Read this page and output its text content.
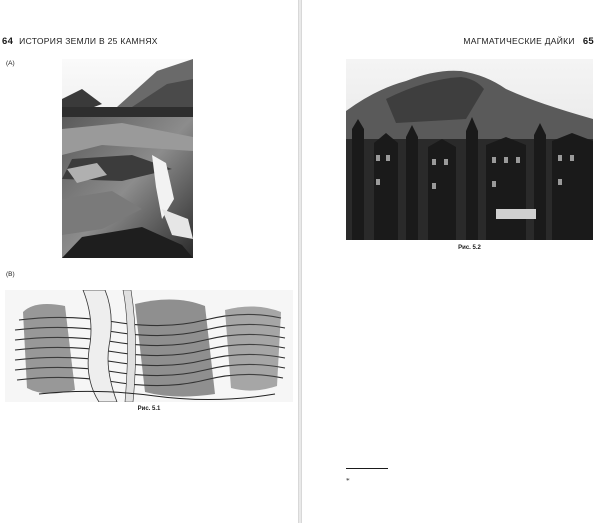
64 ИСТОРИЯ ЗЕМЛИ В 25 КАМНЯХ
(A)
(B)
Рис. 5.1
МАГМАТИЧЕСКИЕ ДАЙКИ 65
Рис. 5.2

*
